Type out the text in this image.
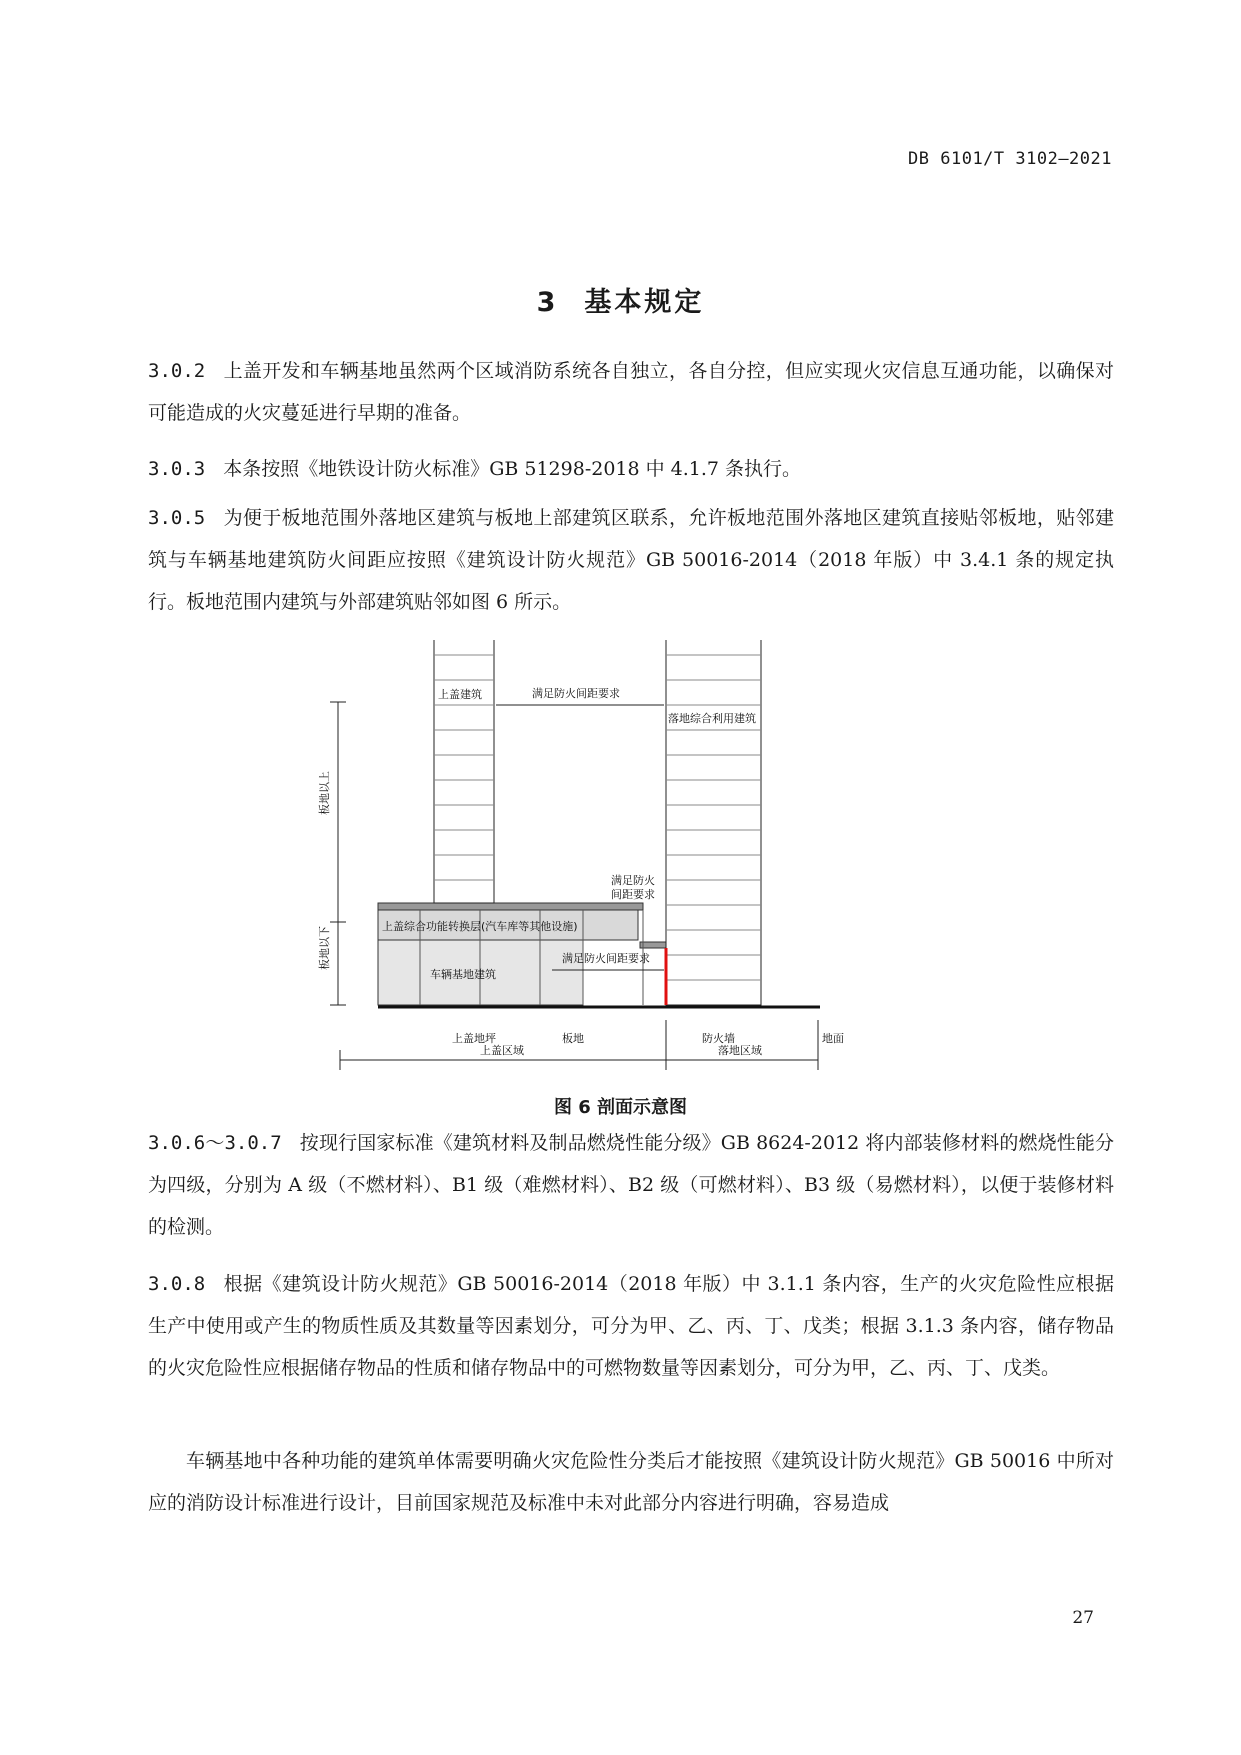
DB 6101/T 3102—2021
3 基本规定

3.0.2 上盖开发和车辆基地虽然两个区域消防系统各自独立，各自分控，但应实现火灾信息互通功能，以确保对可能造成的火灾蔓延进行早期的准备。

3.0.3 本条按照《地铁设计防火标准》GB 51298-2018 中 4.1.7 条执行。

3.0.5 为便于板地范围外落地区建筑与板地上部建筑区联系，允许板地范围外落地区建筑直接贴邻板地，贴邻建筑与车辆基地建筑防火间距应按照《建筑设计防火规范》GB 50016-2014（2018 年版）中 3.4.1 条的规定执行。板地范围内建筑与外部建筑贴邻如图 6 所示。

板地以上
板地以下
上盖建筑
落地综合利用建筑
满足防火间距要求
满足防火
间距要求
上盖综合功能转换层(汽车库等其他设施)
车辆基地建筑
满足防火间距要求
上盖地坪	板地	防火墙	地面
上盖区域	落地区域
图 6 剖面示意图

3.0.6～3.0.7 按现行国家标准《建筑材料及制品燃烧性能分级》GB 8624-2012 将内部装修材料的燃烧性能分为四级，分别为 A 级（不燃材料）、B1 级（难燃材料）、B2 级（可燃材料）、B3 级（易燃材料），以便于装修材料的检测。

3.0.8 根据《建筑设计防火规范》GB 50016-2014（2018 年版）中 3.1.1 条内容，生产的火灾危险性应根据生产中使用或产生的物质性质及其数量等因素划分，可分为甲、乙、丙、丁、戊类；根据 3.1.3 条内容，储存物品的火灾危险性应根据储存物品的性质和储存物品中的可燃物数量等因素划分，可分为甲，乙、丙、丁、戊类。

车辆基地中各种功能的建筑单体需要明确火灾危险性分类后才能按照《建筑设计防火规范》GB 50016 中所对应的消防设计标准进行设计，目前国家规范及标准中未对此部分内容进行明确，容易造成

27
